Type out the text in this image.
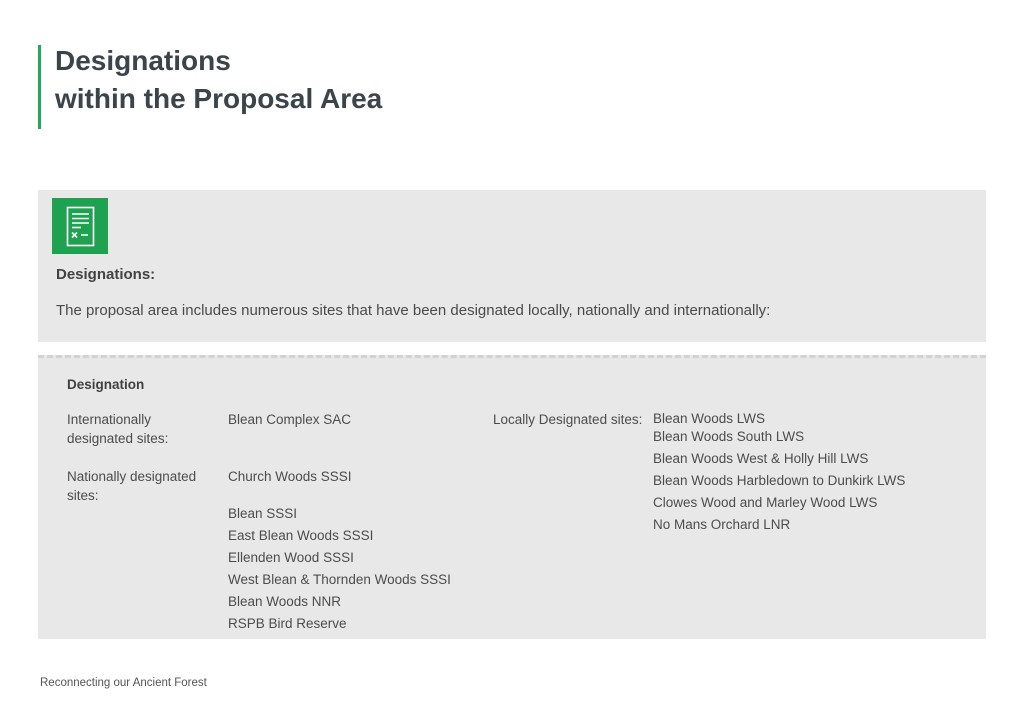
Designations
within the Proposal Area
Designations:
The proposal area includes numerous sites that have been designated locally, nationally and internationally:
Designation
Internationally designated sites:
Blean Complex SAC
Nationally designated sites:
Church Woods SSSI
Blean SSSI
East Blean Woods SSSI
Ellenden Wood SSSI
West Blean & Thornden Woods SSSI
Blean Woods NNR
RSPB Bird Reserve
Locally Designated sites: Blean Woods LWS
Blean Woods South LWS
Blean Woods West & Holly Hill LWS
Blean Woods Harbledown to Dunkirk LWS
Clowes Wood and Marley Wood LWS
No Mans Orchard LNR
Reconnecting our Ancient Forest
